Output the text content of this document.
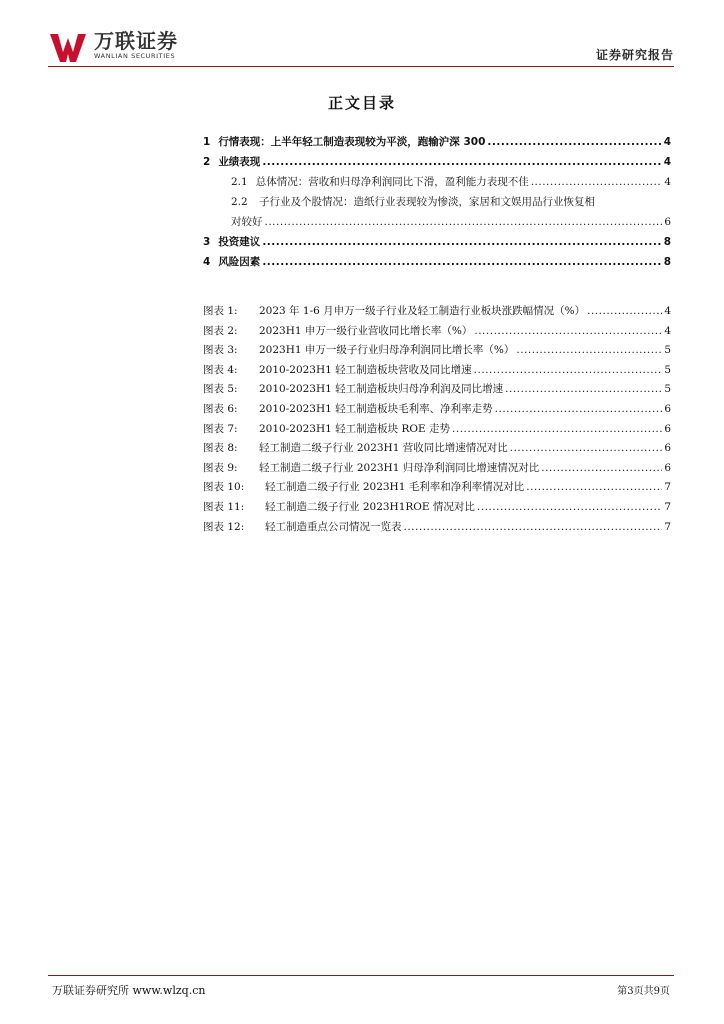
万联证券
WANLIAN SECURITIES	证券研究报告
正文目录
1 行情表现：上半年轻工制造表现较为平淡，跑输沪深 300 .....	4
2 业绩表现 .....	4
2.1 总体情况：营收和归母净利润同比下滑，盈利能力表现不佳 .....	4
2.2 子行业及个股情况：造纸行业表现较为惨淡，家居和文娱用品行业恢复相
对较好 .....	6
3 投资建议 .....	8
4 风险因素 .....	8
图表 1:	2023 年 1-6 月申万一级子行业及轻工制造行业板块涨跌幅情况（%） .....	4
图表 2:	2023H1 申万一级行业营收同比增长率（%） .....	4
图表 3:	2023H1 申万一级子行业归母净利润同比增长率（%） .....	5
图表 4:	2010-2023H1 轻工制造板块营收及同比增速 .....	5
图表 5:	2010-2023H1 轻工制造板块归母净利润及同比增速 .....	5
图表 6:	2010-2023H1 轻工制造板块毛利率、净利率走势 .....	6
图表 7:	2010-2023H1 轻工制造板块 ROE 走势 .....	6
图表 8:	轻工制造二级子行业 2023H1 营收同比增速情况对比 .....	6
图表 9:	轻工制造二级子行业 2023H1 归母净利润同比增速情况对比 .....	6
图表 10:	轻工制造二级子行业 2023H1 毛利率和净利率情况对比 .....	7
图表 11:	轻工制造二级子行业 2023H1ROE 情况对比 .....	7
图表 12:	轻工制造重点公司情况一览表 .....	7
万联证券研究所 www.wlzq.cn	第3页共9页
